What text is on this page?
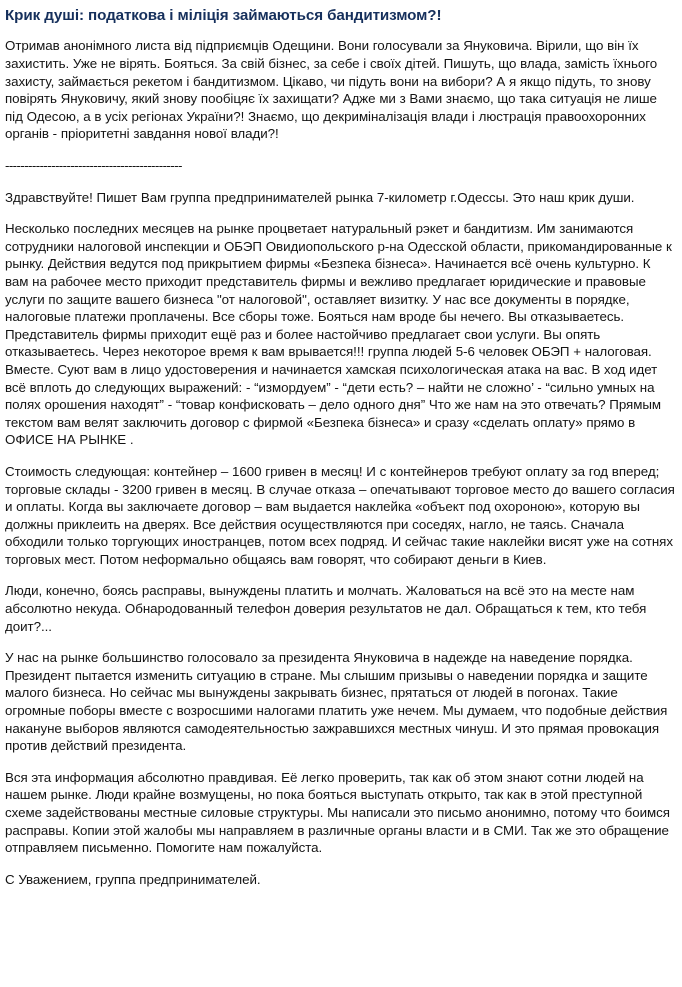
Крик душі: податкова і міліція займаються бандитизмом?!

Отримав анонімного листа від підприємців Одещини. Вони голосували за Януковича. Вірили, що він їх захистить. Уже не вірять. Бояться. За свій бізнес, за себе і своїх дітей. Пишуть, що влада, замість їхнього захисту, займається рекетом і бандитизмом. Цікаво, чи підуть вони на вибори? А я якщо підуть, то знову повірять Януковичу, який знову пообіцяє їх захищати? Адже ми з Вами знаємо, що така ситуація не лише під Одесою, а в усіх регіонах України?! Знаємо, що декриміналізація влади і люстрація правоохоронних органів - пріоритетні завдання нової влади?!

----------------------------------------------

Здравствуйте! Пишет Вам группа предпринимателей рынка 7-километр г.Одессы. Это наш крик души.

Несколько последних месяцев на рынке процветает натуральный рэкет и бандитизм. Им занимаются сотрудники налоговой инспекции и ОБЭП Овидиопольского р-на Одесской области, прикомандированные к рынку. Действия ведутся под прикрытием фирмы «Безпека бізнеса». Начинается всё очень культурно. К вам на рабочее место приходит представитель фирмы и вежливо предлагает юридические и правовые услуги по защите вашего бизнеса "от налоговой", оставляет визитку. У нас все документы в порядке, налоговые платежи проплачены. Все сборы тоже. Бояться нам вроде бы нечего. Вы отказываетесь. Представитель фирмы приходит ещё раз и более настойчиво предлагает свои услуги. Вы опять отказываетесь. Через некоторое время к вам врывается!!! группа людей 5-6 человек ОБЭП + налоговая. Вместе. Суют вам в лицо удостоверения и начинается хамская психологическая атака на вас. В ход идет всё вплоть до следующих выражений: - “измордуем” - “дети есть? – найти не сложно’ - “сильно умных на полях орошения находят” - “товар конфисковать – дело одного дня” Что же нам на это отвечать? Прямым текстом вам велят заключить договор с фирмой «Безпека бізнеса» и сразу «сделать оплату» прямо в ОФИСЕ НА РЫНКЕ .

Стоимость следующая: контейнер – 1600 гривен в месяц! И с контейнеров требуют оплату за год вперед; торговые склады - 3200 гривен в месяц. В случае отказа – опечатывают торговое место до вашего согласия и оплаты. Когда вы заключаете договор – вам выдается наклейка «объект под охороною», которую вы должны приклеить на дверях. Все действия осуществляются при соседях, нагло, не таясь. Сначала обходили только торгующих иностранцев, потом всех подряд. И сейчас такие наклейки висят уже на сотнях торговых мест. Потом неформально общаясь вам говорят, что собирают деньги в Киев.

Люди, конечно, боясь расправы, вынуждены платить и молчать. Жаловаться на всё это на месте нам абсолютно некуда. Обнародованный телефон доверия результатов не дал. Обращаться к тем, кто тебя доит?...

У нас на рынке большинство голосовало за президента Януковича в надежде на наведение порядка. Президент пытается изменить ситуацию в стране. Мы слышим призывы о наведении порядка и защите малого бизнеса. Но сейчас мы вынуждены закрывать бизнес, прятаться от людей в погонах. Такие огромные поборы вместе с возросшими налогами платить уже нечем. Мы думаем, что подобные действия накануне выборов являются самодеятельностью зажравшихся местных чинуш. И это прямая провокация против действий президента.

Вся эта информация абсолютно правдивая. Её легко проверить, так как об этом знают сотни людей на нашем рынке. Люди крайне возмущены, но пока бояться выступать открыто, так как в этой преступной схеме задействованы местные силовые структуры. Мы написали это письмо анонимно, потому что боимся расправы. Копии этой жалобы мы направляем в различные органы власти и в СМИ. Так же это обращение отправляем письменно. Помогите нам пожалуйста.

С Уважением, группа предпринимателей.
